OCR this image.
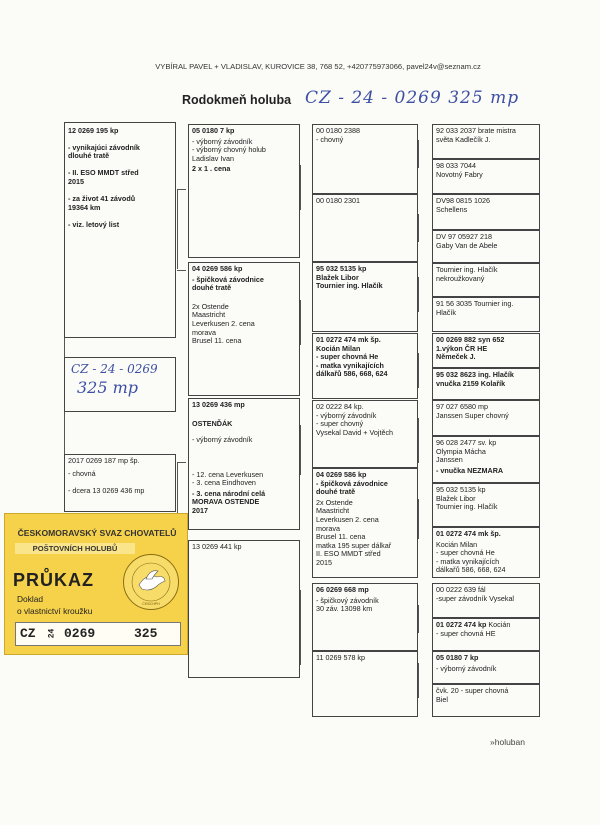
VYBÍRAL PAVEL + VLADISLAV, KUROVICE 38, 768 52, +420775973066, pavel24v@seznam.cz
Rodokmeň holuba CZ - 24 - 0269 325 mp
12 0269 195 kp
- vynikajúci závodník
dlouhé tratě

- II. ESO MMDT střed
2015

- za život 41 závodů
19364 km

- viz. letový list
CZ - 24 - 0269
325 mp
2017 0269 187 mp šp.
- chovná

- dcera 13 0269 436 mp
05 0180 7 kp
- výborný závodník
- výborný chovný holub
Ladislav Ivan
2 x 1 . cena
04 0269 586 kp
- špičková závodnice
douhé tratě
2x Ostende
Maastricht
Leverkusen 2. cena
morava
Brusel 11. cena
13 0269 436 mp
OSTENĎÁK
- výborný závodník

- 12. cena Leverkusen
- 3. cena Eindhoven
- 3. cena národní celá
MORAVA OSTENDE
2017
13 0269 441 kp
00 0180 2388
- chovný
00 0180 2301
95 032 5135 kp
Blažek Libor
Tournier ing. Hlačík
01 0272 474 mk šp.
Kocián Milan
- super chovná He
- matka vynikajících
dálkařů 586, 668, 624
02 0222 84 kp.
- výborný závodník
- super chovný
Vysekal David + Vojtěch
04 0269 586 kp
- špičková závodnice
douhé tratě
2x Ostende
Maastricht
Leverkusen 2. cena
morava
Brusel 11. cena
matka 195 super dálkař
II. ESO MMDT střed
2015
06 0269 668 mp
- špičkový závodník
30 záv. 13098 km
11 0269 578 kp
92 033 2037 brate mistra
světa Kadlečík J.
98 033 7044
Novotný Fabry
DV98 0815 1026
Schellens
DV 97 05927 218
Gaby Van de Abele
Tournier ing. Hlačík
nekroužkovaný
91 56 3035 Tournier ing.
Hlačík
00 0269 882 syn 652
1.výkon ČR HE
Němeček J.
95 032 8623 ing. Hlačík
vnučka 2159 Kolařík
97 027 6580 mp
Janssen Super chovný
96 028 2477 sv. kp
Olympia Mácha
Janssen
- vnučka NEZMARA
95 032 5135 kp
Blažek Libor
Tournier ing. Hlačík
01 0272 474 mk šp.
Kocián Milan
- super chovná He
- matka vynikajících
dálkařů 586, 668, 624
00 0222 639 fál
-super závodník Vysekal
01 0272 474 kp Kocián
- super chovná HE
05 0180 7 kp
- výborný závodník
čvk. 20 - super chovná
Biel
ČESKOMORAVSKÝ SVAZ CHOVATELŮ
POŠTOVNÍCH HOLUBŮ
PRŮKAZ
Doklad
o vlastnictví kroužku
ČMSCHPH
CZ 24 0269	325
»holuban
